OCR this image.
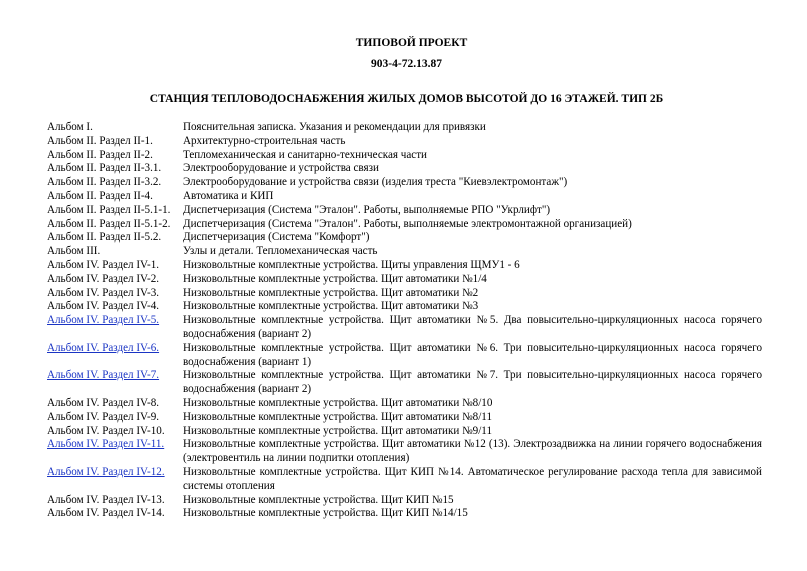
ТИПОВОЙ ПРОЕКТ
903-4-72.13.87
СТАНЦИЯ ТЕПЛОВОДОСНАБЖЕНИЯ ЖИЛЫХ ДОМОВ ВЫСОТОЙ ДО 16 ЭТАЖЕЙ. ТИП 2Б
Альбом I.	Пояснительная записка. Указания и рекомендации для привязки
Альбом II. Раздел II-1.	Архитектурно-строительная часть
Альбом II. Раздел II-2.	Тепломеханическая и санитарно-техническая части
Альбом II. Раздел II-3.1.	Электрооборудование и устройства связи
Альбом II. Раздел II-3.2.	Электрооборудование и устройства связи (изделия треста "Киевэлектромонтаж")
Альбом II. Раздел II-4.	Автоматика и КИП
Альбом II. Раздел II-5.1-1.	Диспетчеризация (Система "Эталон". Работы, выполняемые РПО "Укрлифт")
Альбом II. Раздел II-5.1-2.	Диспетчеризация (Система "Эталон". Работы, выполняемые электромонтажной организацией)
Альбом II. Раздел II-5.2.	Диспетчеризация (Система "Комфорт")
Альбом III.	Узлы и детали. Тепломеханическая часть
Альбом IV. Раздел IV-1.	Низковольтные комплектные устройства. Щиты управления ЩМУ1 - 6
Альбом IV. Раздел IV-2.	Низковольтные комплектные устройства. Щит автоматики №1/4
Альбом IV. Раздел IV-3.	Низковольтные комплектные устройства. Щит автоматики №2
Альбом IV. Раздел IV-4.	Низковольтные комплектные устройства. Щит автоматики №3
Альбом IV. Раздел IV-5.	Низковольтные комплектные устройства. Щит автоматики №5. Два повысительно-циркуляционных насоса горячего водоснабжения (вариант 2)
Альбом IV. Раздел IV-6.	Низковольтные комплектные устройства. Щит автоматики №6. Три повысительно-циркуляционных насоса горячего водоснабжения (вариант 1)
Альбом IV. Раздел IV-7.	Низковольтные комплектные устройства. Щит автоматики №7. Три повысительно-циркуляционных насоса горячего водоснабжения (вариант 2)
Альбом IV. Раздел IV-8.	Низковольтные комплектные устройства. Щит автоматики №8/10
Альбом IV. Раздел IV-9.	Низковольтные комплектные устройства. Щит автоматики №8/11
Альбом IV. Раздел IV-10.	Низковольтные комплектные устройства. Щит автоматики №9/11
Альбом IV. Раздел IV-11.	Низковольтные комплектные устройства. Щит автоматики №12 (13). Электрозадвижка на линии горячего водоснабжения (электровентиль на линии подпитки отопления)
Альбом IV. Раздел IV-12.	Низковольтные комплектные устройства. Щит КИП №14. Автоматическое регулирование расхода тепла для зависимой системы отопления
Альбом IV. Раздел IV-13.	Низковольтные комплектные устройства. Щит КИП №15
Альбом IV. Раздел IV-14.	Низковольтные комплектные устройства. Щит КИП №14/15
